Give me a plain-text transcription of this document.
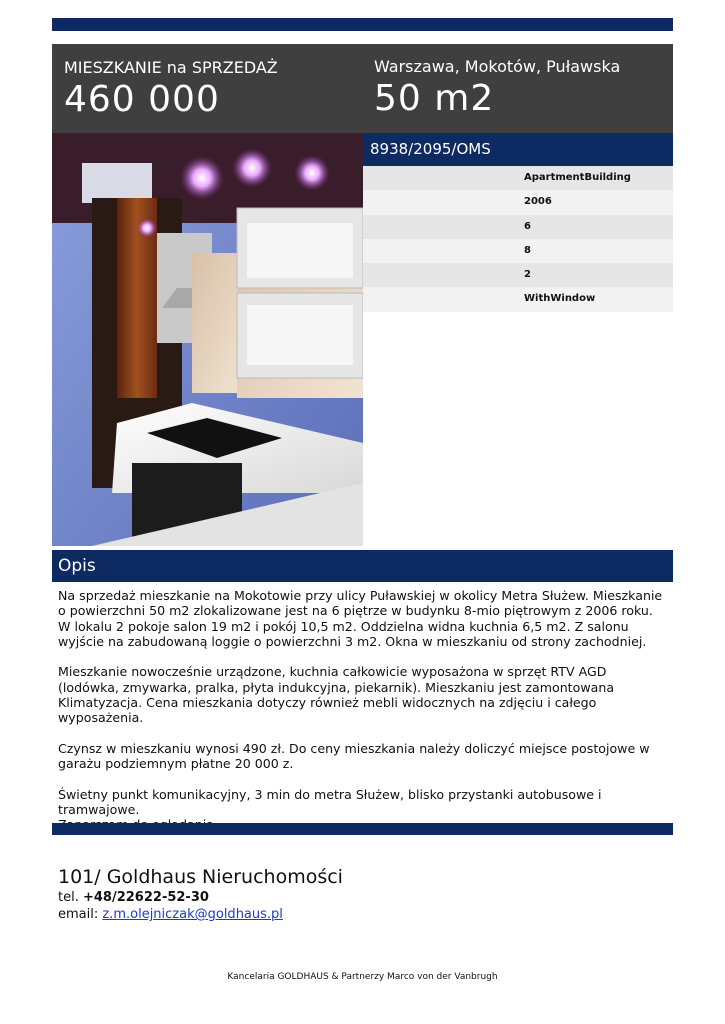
MIESZKANIE na SPRZEDAŻ
460 000
Warszawa, Mokotów, Puławska
50 m2
8938/2095/OMS
ApartmentBuilding
2006
6
8
2
WithWindow
Opis

Na sprzedaż mieszkanie na Mokotowie przy ulicy Puławskiej w okolicy Metra Służew. Mieszkanie o powierzchni 50 m2 zlokalizowane jest na 6 piętrze w budynku 8-mio piętrowym z 2006 roku. W lokalu 2 pokoje salon 19 m2 i pokój 10,5 m2. Oddzielna widna kuchnia 6,5 m2. Z salonu wyjście na zabudowaną loggie o powierzchni 3 m2. Okna w mieszkaniu od strony zachodniej.

Mieszkanie nowocześnie urządzone, kuchnia całkowicie wyposażona w sprzęt RTV AGD (lodówka, zmywarka, pralka, płyta indukcyjna, piekarnik). Mieszkaniu jest zamontowana Klimatyzacja. Cena mieszkania dotyczy również mebli widocznych na zdjęciu i całego wyposażenia.

Czynsz w mieszkaniu wynosi 490 zł. Do ceny mieszkania należy doliczyć miejsce postojowe w garażu podziemnym płatne 20 000 z.

Świetny punkt komunikacyjny, 3 min do metra Służew, blisko przystanki autobusowe i tramwajowe.

101/ Goldhaus Nieruchomości
tel. +48/22622-52-30
email: z.m.olejniczak@goldhaus.pl
Kancelaria GOLDHAUS & Partnerzy Marco von der Vanbrugh
